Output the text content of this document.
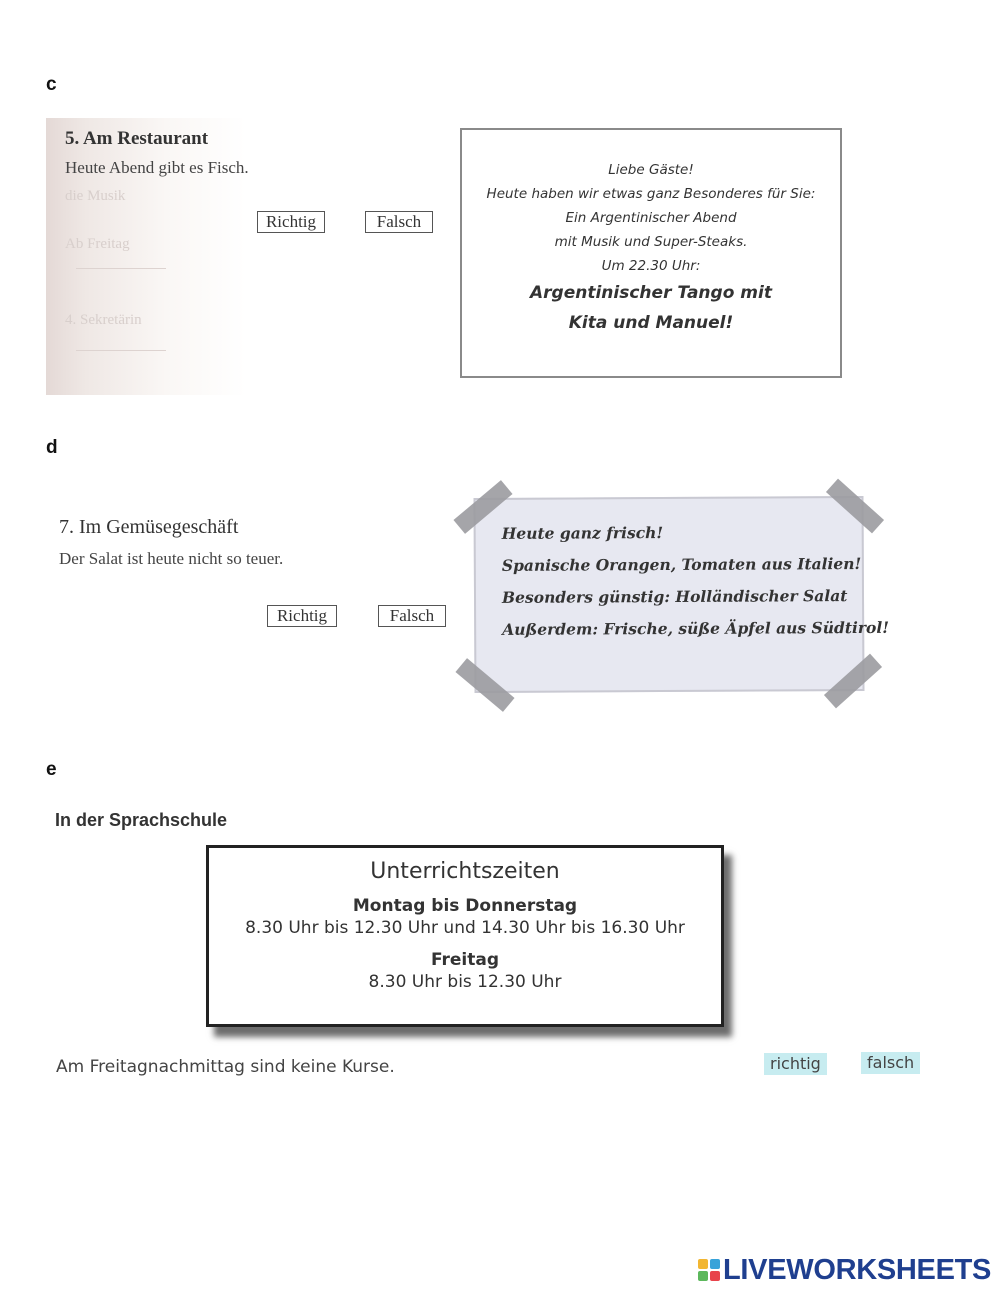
c
5. Am Restaurant
Heute Abend gibt es Fisch.
die Musik
Ab Freitag
4. Sekretärin
Richtig	Falsch
Liebe Gäste!
Heute haben wir etwas ganz Besonderes für Sie:
Ein Argentinischer Abend
mit Musik und Super-Steaks.
Um 22.30 Uhr:
Argentinischer Tango mit
Kita und Manuel!
d
7. Im Gemüsegeschäft
Der Salat ist heute nicht so teuer.
Richtig	Falsch
Heute ganz frisch!
Spanische Orangen, Tomaten aus Italien!
Besonders günstig: Holländischer Salat
Außerdem: Frische, süße Äpfel aus Südtirol!
e
In der Sprachschule
Unterrichtszeiten
Montag bis Donnerstag
8.30 Uhr bis 12.30 Uhr und 14.30 Uhr bis 16.30 Uhr
Freitag
8.30 Uhr bis 12.30 Uhr
Am Freitagnachmittag sind keine Kurse.	richtig	falsch
LIVEWORKSHEETS
